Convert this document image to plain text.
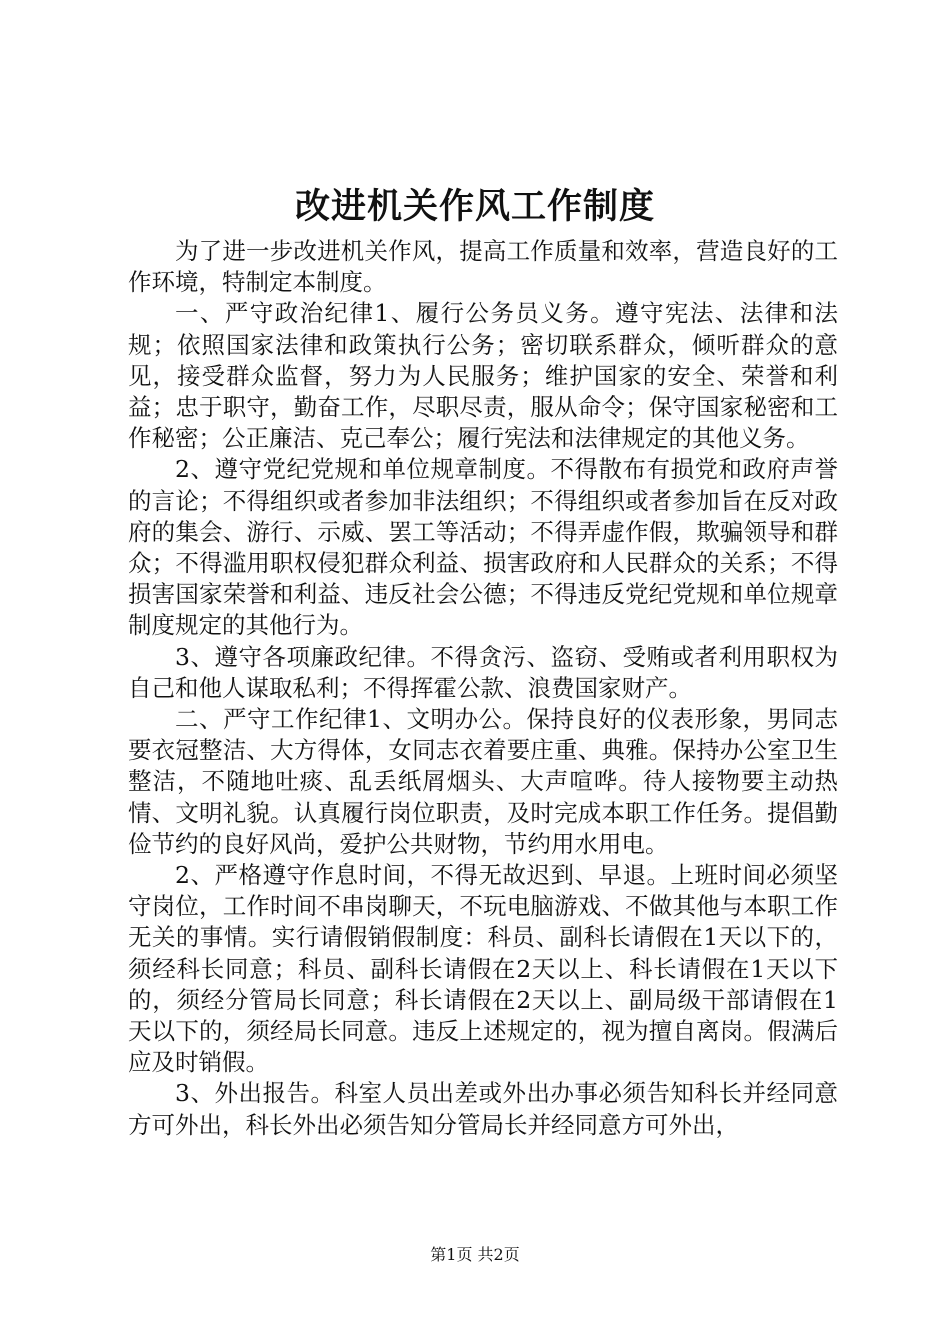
改进机关作风工作制度

为了进一步改进机关作风，提高工作质量和效率，营造良好的工作环境，特制定本制度。

一、严守政治纪律1、履行公务员义务。遵守宪法、法律和法规；依照国家法律和政策执行公务；密切联系群众，倾听群众的意见，接受群众监督，努力为人民服务；维护国家的安全、荣誉和利益；忠于职守，勤奋工作，尽职尽责，服从命令；保守国家秘密和工作秘密；公正廉洁、克己奉公；履行宪法和法律规定的其他义务。

2、遵守党纪党规和单位规章制度。不得散布有损党和政府声誉的言论；不得组织或者参加非法组织；不得组织或者参加旨在反对政府的集会、游行、示威、罢工等活动；不得弄虚作假，欺骗领导和群众；不得滥用职权侵犯群众利益、损害政府和人民群众的关系；不得损害国家荣誉和利益、违反社会公德；不得违反党纪党规和单位规章制度规定的其他行为。

3、遵守各项廉政纪律。不得贪污、盗窃、受贿或者利用职权为自己和他人谋取私利；不得挥霍公款、浪费国家财产。

二、严守工作纪律1、文明办公。保持良好的仪表形象，男同志要衣冠整洁、大方得体，女同志衣着要庄重、典雅。保持办公室卫生整洁，不随地吐痰、乱丢纸屑烟头、大声喧哗。待人接物要主动热情、文明礼貌。认真履行岗位职责，及时完成本职工作任务。提倡勤俭节约的良好风尚，爱护公共财物，节约用水用电。

2、严格遵守作息时间，不得无故迟到、早退。上班时间必须坚守岗位，工作时间不串岗聊天，不玩电脑游戏、不做其他与本职工作无关的事情。实行请假销假制度：科员、副科长请假在1天以下的，须经科长同意；科员、副科长请假在2天以上、科长请假在1天以下的，须经分管局长同意；科长请假在2天以上、副局级干部请假在1天以下的，须经局长同意。违反上述规定的，视为擅自离岗。假满后应及时销假。

3、外出报告。科室人员出差或外出办事必须告知科长并经同意方可外出，科长外出必须告知分管局长并经同意方可外出，

第1页 共2页
